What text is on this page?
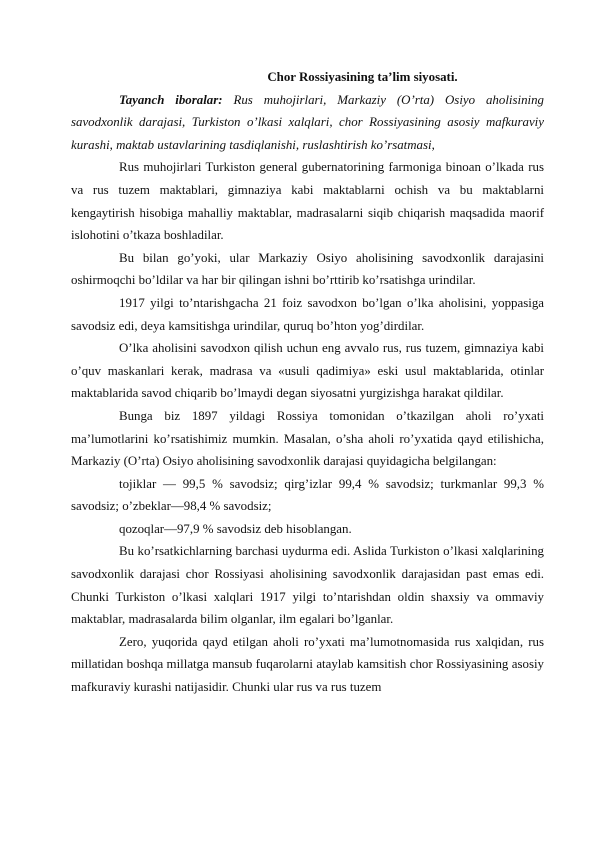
Chor Rossiyasining ta’lim siyosati.

Tayanch iboralar: Rus muhojirlari, Markaziy (O’rta) Osiyo aholisining savodxonlik darajasi, Turkiston o’lkasi xalqlari, chor Rossiyasining asosiy mafkuraviy kurashi, maktab ustavlarining tasdiqlanishi, ruslashtirish ko’rsatmasi,

Rus muhojirlari Turkiston general gubernatorining farmoniga binoan o’lkada rus va rus tuzem maktablari, gimnaziya kabi maktablarni ochish va bu maktablarni kengaytirish hisobiga mahalliy maktablar, madrasalarni siqib chiqarish maqsadida maorif islohotini o’tkaza boshladilar.

Bu bilan go’yoki, ular Markaziy Osiyo aholisining savodxonlik darajasini oshirmoqchi bo’ldilar va har bir qilingan ishni bo’rttirib ko’rsatishga urindilar.

1917 yilgi to’ntarishgacha 21 foiz savodxon bo’lgan o’lka aholisini, yoppasiga savodsiz edi, deya kamsitishga urindilar, quruq bo’hton yog’dirdilar.

O’lka aholisini savodxon qilish uchun eng avvalo rus, rus tuzem, gimnaziya kabi o’quv maskanlari kerak, madrasa va «usuli qadimiya» eski usul maktablarida, otinlar maktablarida savod chiqarib bo’lmaydi degan siyosatni yurgizishga harakat qildilar.

Bunga biz 1897 yildagi Rossiya tomonidan o’tkazilgan aholi ro’yxati ma’lumotlarini ko’rsatishimiz mumkin. Masalan, o’sha aholi ro’yxatida qayd etilishicha, Markaziy (O’rta) Osiyo aholisining savodxonlik darajasi quyidagicha belgilangan:

tojiklar — 99,5 % savodsiz; qirg’izlar 99,4 % savodsiz; turkmanlar 99,3 % savodsiz; o’zbeklar—98,4 % savodsiz;

qozoqlar—97,9 % savodsiz deb hisoblangan.

Bu ko’rsatkichlarning barchasi uydurma edi. Aslida Turkiston o’lkasi xalqlarining savodxonlik darajasi chor Rossiyasi aholisining savodxonlik darajasidan past emas edi. Chunki Turkiston o’lkasi xalqlari 1917 yilgi to’ntarishdan oldin shaxsiy va ommaviy maktablar, madrasalarda bilim olganlar, ilm egalari bo’lganlar.

Zero, yuqorida qayd etilgan aholi ro’yxati ma’lumotnomasida rus xalqidan, rus millatidan boshqa millatga mansub fuqarolarni ataylab kamsitish chor Rossiyasining asosiy mafkuraviy kurashi natijasidir. Chunki ular rus va rus tuzem
